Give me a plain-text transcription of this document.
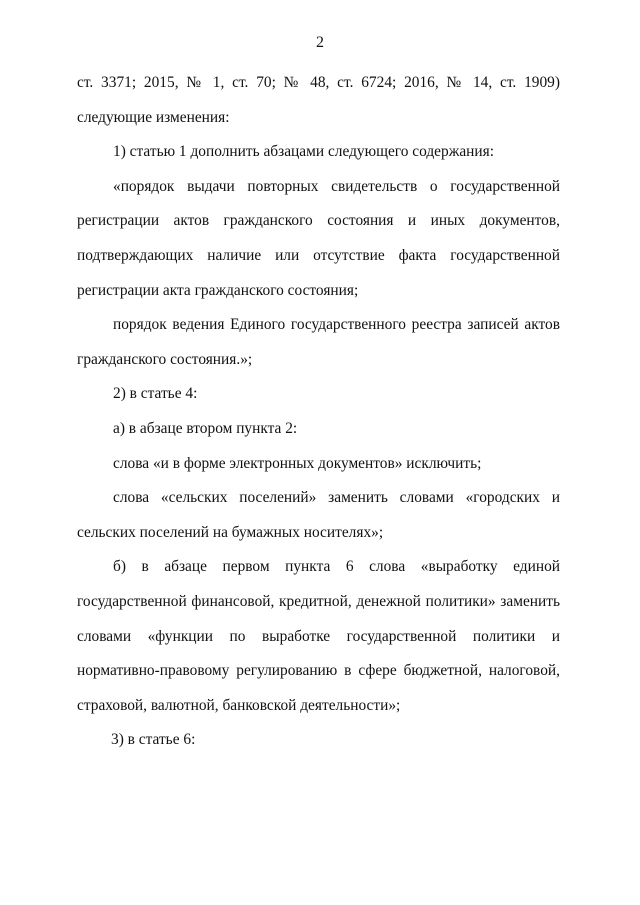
2

ст. 3371; 2015, № 1, ст. 70; № 48, ст. 6724; 2016, № 14, ст. 1909) следующие изменения:

1) статью 1 дополнить абзацами следующего содержания:

«порядок выдачи повторных свидетельств о государственной регистрации актов гражданского состояния и иных документов, подтверждающих наличие или отсутствие факта государственной регистрации акта гражданского состояния;

порядок ведения Единого государственного реестра записей актов гражданского состояния.»;

2) в статье 4:

а) в абзаце втором пункта 2:

слова «и в форме электронных документов» исключить;

слова «сельских поселений» заменить словами «городских и сельских поселений на бумажных носителях»;

б) в абзаце первом пункта 6 слова «выработку единой государственной финансовой, кредитной, денежной политики» заменить словами «функции по выработке государственной политики и нормативно-правовому регулированию в сфере бюджетной, налоговой, страховой, валютной, банковской деятельности»;

3) в статье 6:
